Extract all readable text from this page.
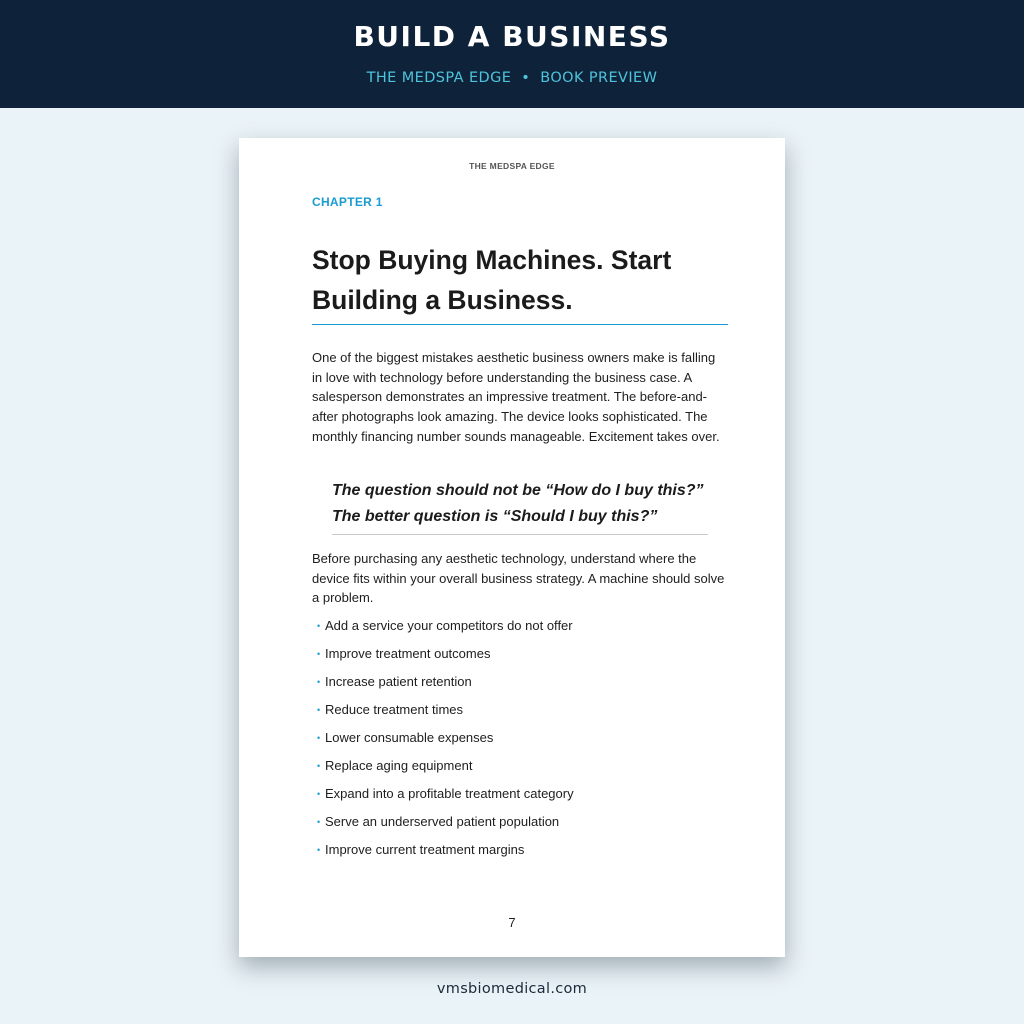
BUILD A BUSINESS
THE MEDSPA EDGE • BOOK PREVIEW
THE MEDSPA EDGE
CHAPTER 1
Stop Buying Machines. Start
Building a Business.

One of the biggest mistakes aesthetic business owners make is falling in love with technology before understanding the business case. A salesperson demonstrates an impressive treatment. The before-and-after photographs look amazing. The device looks sophisticated. The monthly financing number sounds manageable. Excitement takes over.

The question should not be “How do I buy this?”
The better question is “Should I buy this?”

Before purchasing any aesthetic technology, understand where the device fits within your overall business strategy. A machine should solve a problem.

• Add a service your competitors do not offer
• Improve treatment outcomes
• Increase patient retention
• Reduce treatment times
• Lower consumable expenses
• Replace aging equipment
• Expand into a profitable treatment category
• Serve an underserved patient population
• Improve current treatment margins
7
vmsbiomedical.com
